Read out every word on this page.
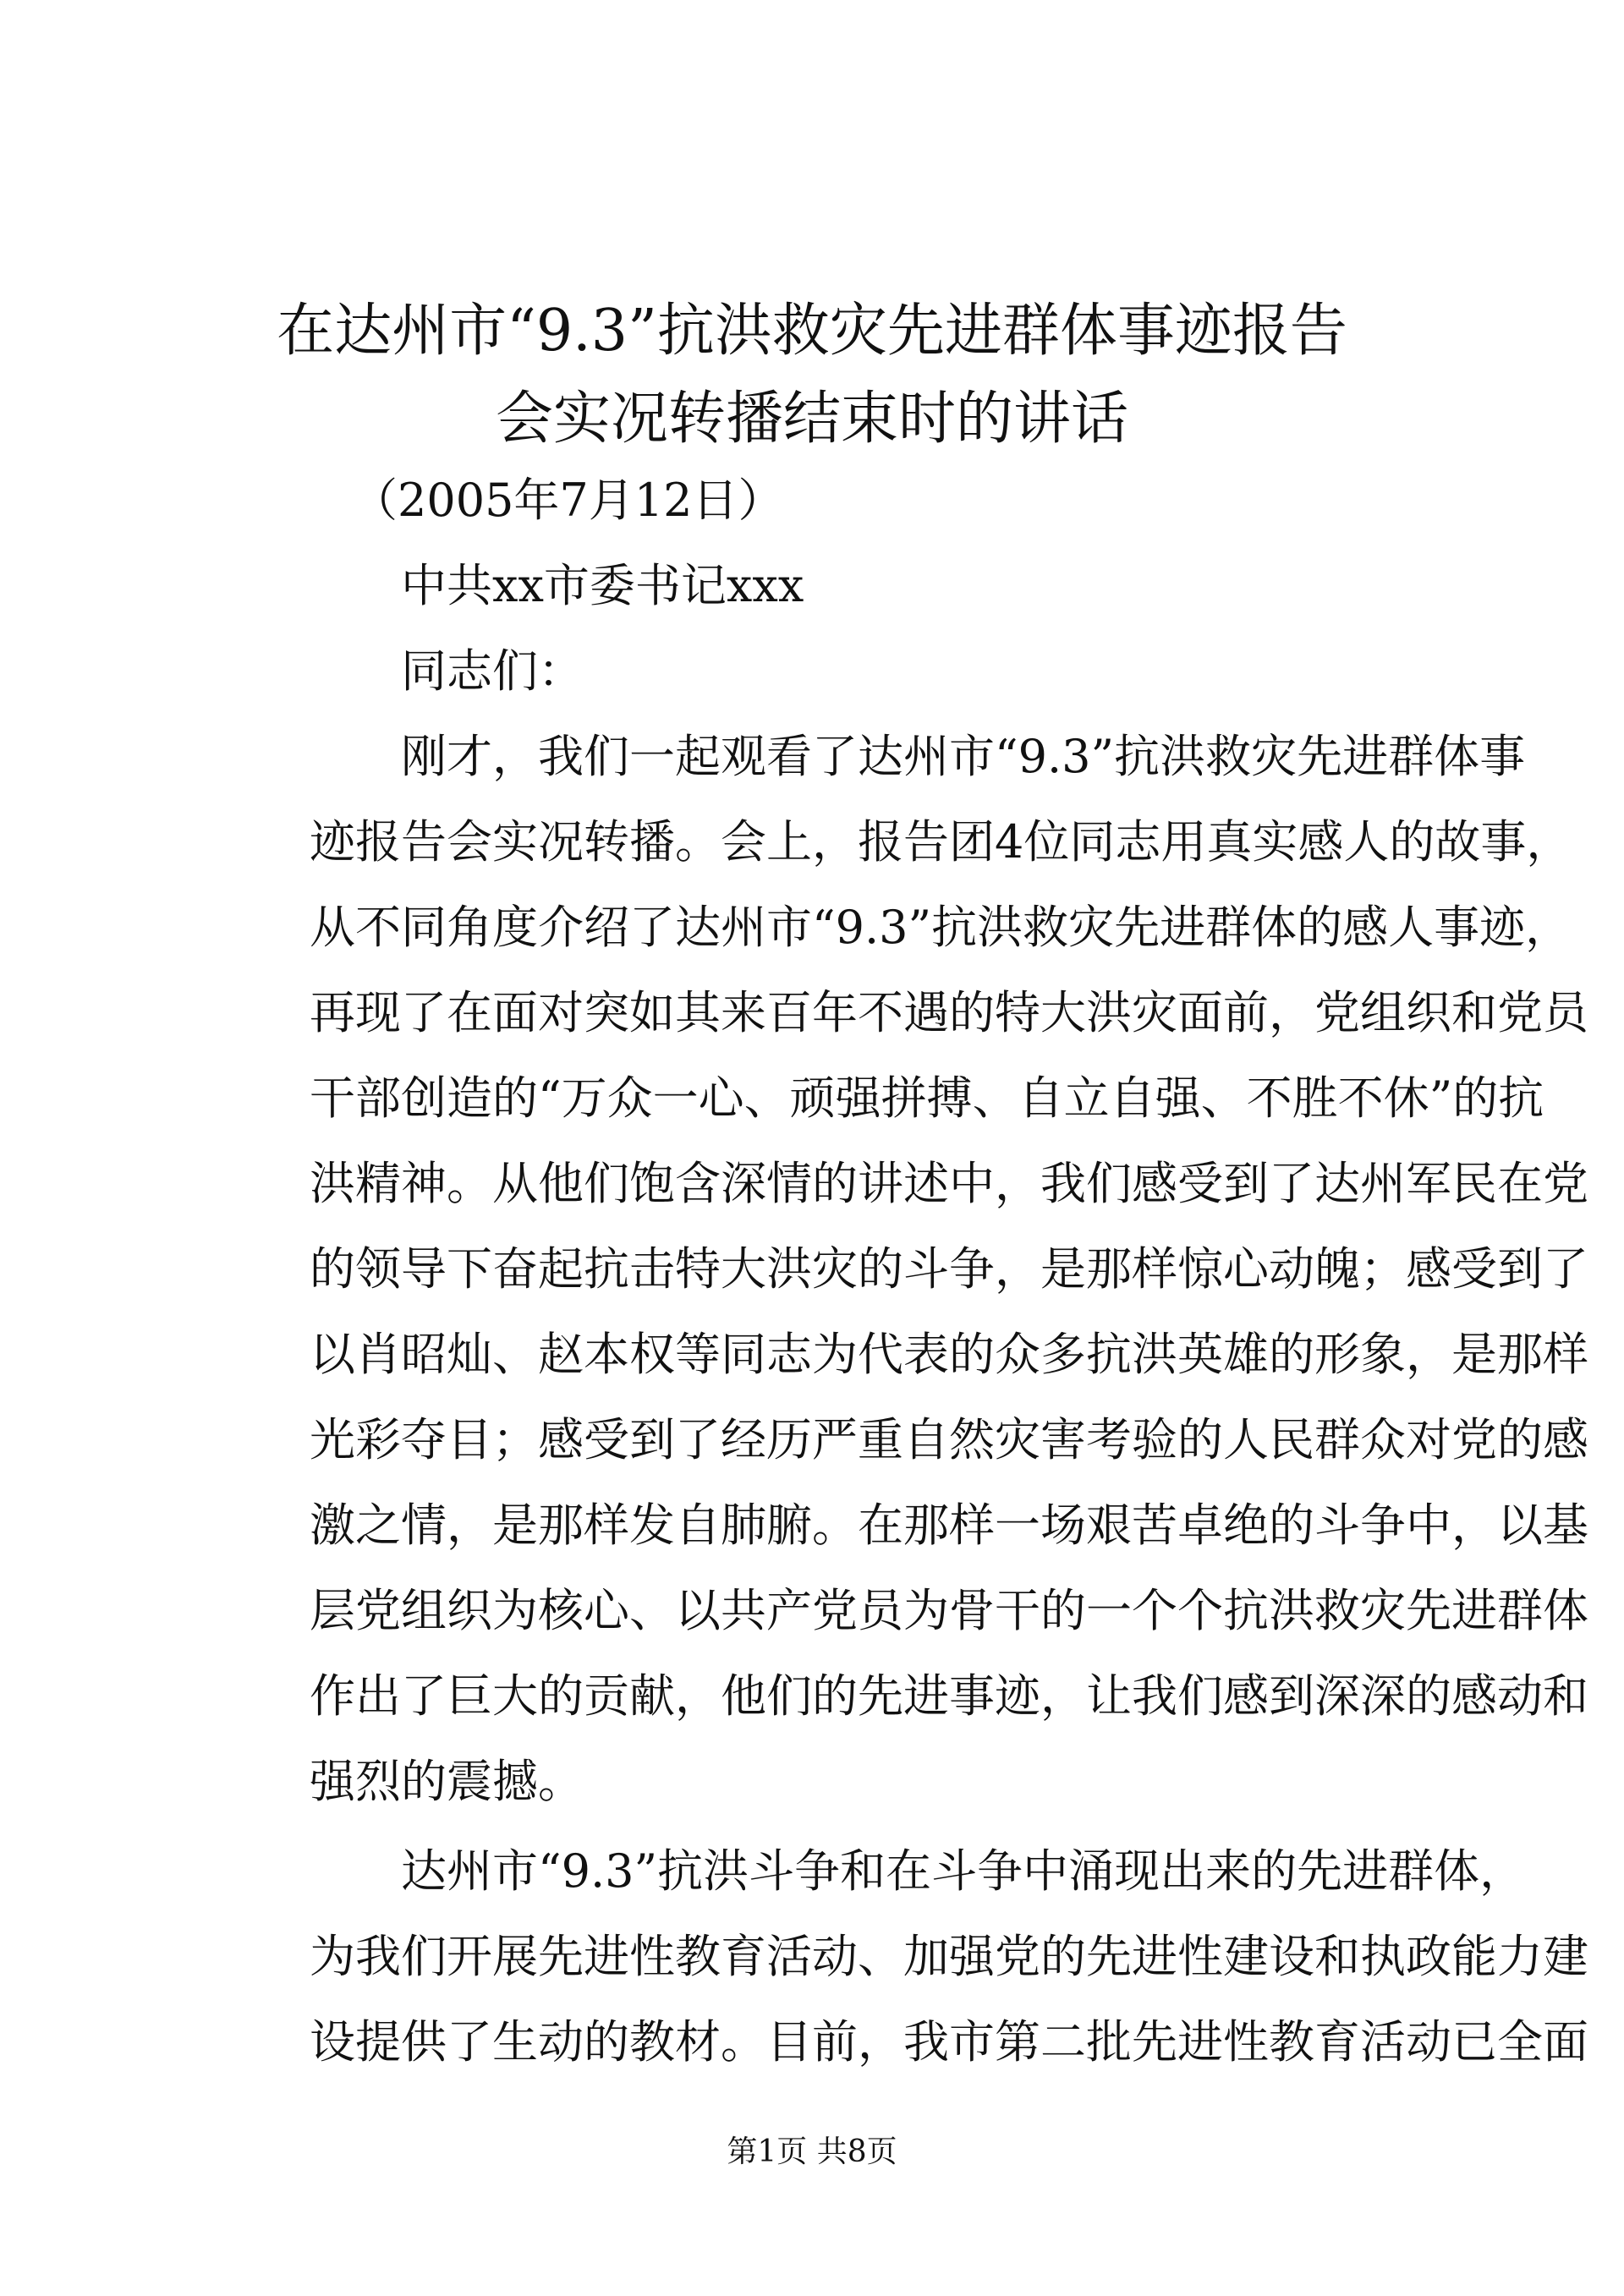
在达州市“9.3”抗洪救灾先进群体事迹报告
会实况转播结束时的讲话
（2005年7月12日）
中共xx市委书记xxx
同志们：
刚才，我们一起观看了达州市“9.3”抗洪救灾先进群体事
迹报告会实况转播。会上，报告团4位同志用真实感人的故事，
从不同角度介绍了达州市“9.3”抗洪救灾先进群体的感人事迹，
再现了在面对突如其来百年不遇的特大洪灾面前，党组织和党员
干部创造的“万众一心、顽强拼搏、自立自强、不胜不休”的抗
洪精神。从他们饱含深情的讲述中，我们感受到了达州军民在党
的领导下奋起抗击特大洪灾的斗争，是那样惊心动魄；感受到了
以肖昭灿、赵本权等同志为代表的众多抗洪英雄的形象，是那样
光彩夺目；感受到了经历严重自然灾害考验的人民群众对党的感
激之情，是那样发自肺腑。在那样一场艰苦卓绝的斗争中，以基
层党组织为核心、以共产党员为骨干的一个个抗洪救灾先进群体
作出了巨大的贡献，他们的先进事迹，让我们感到深深的感动和
强烈的震撼。
达州市“9.3”抗洪斗争和在斗争中涌现出来的先进群体，
为我们开展先进性教育活动、加强党的先进性建设和执政能力建
设提供了生动的教材。目前，我市第二批先进性教育活动已全面
第1页 共8页
